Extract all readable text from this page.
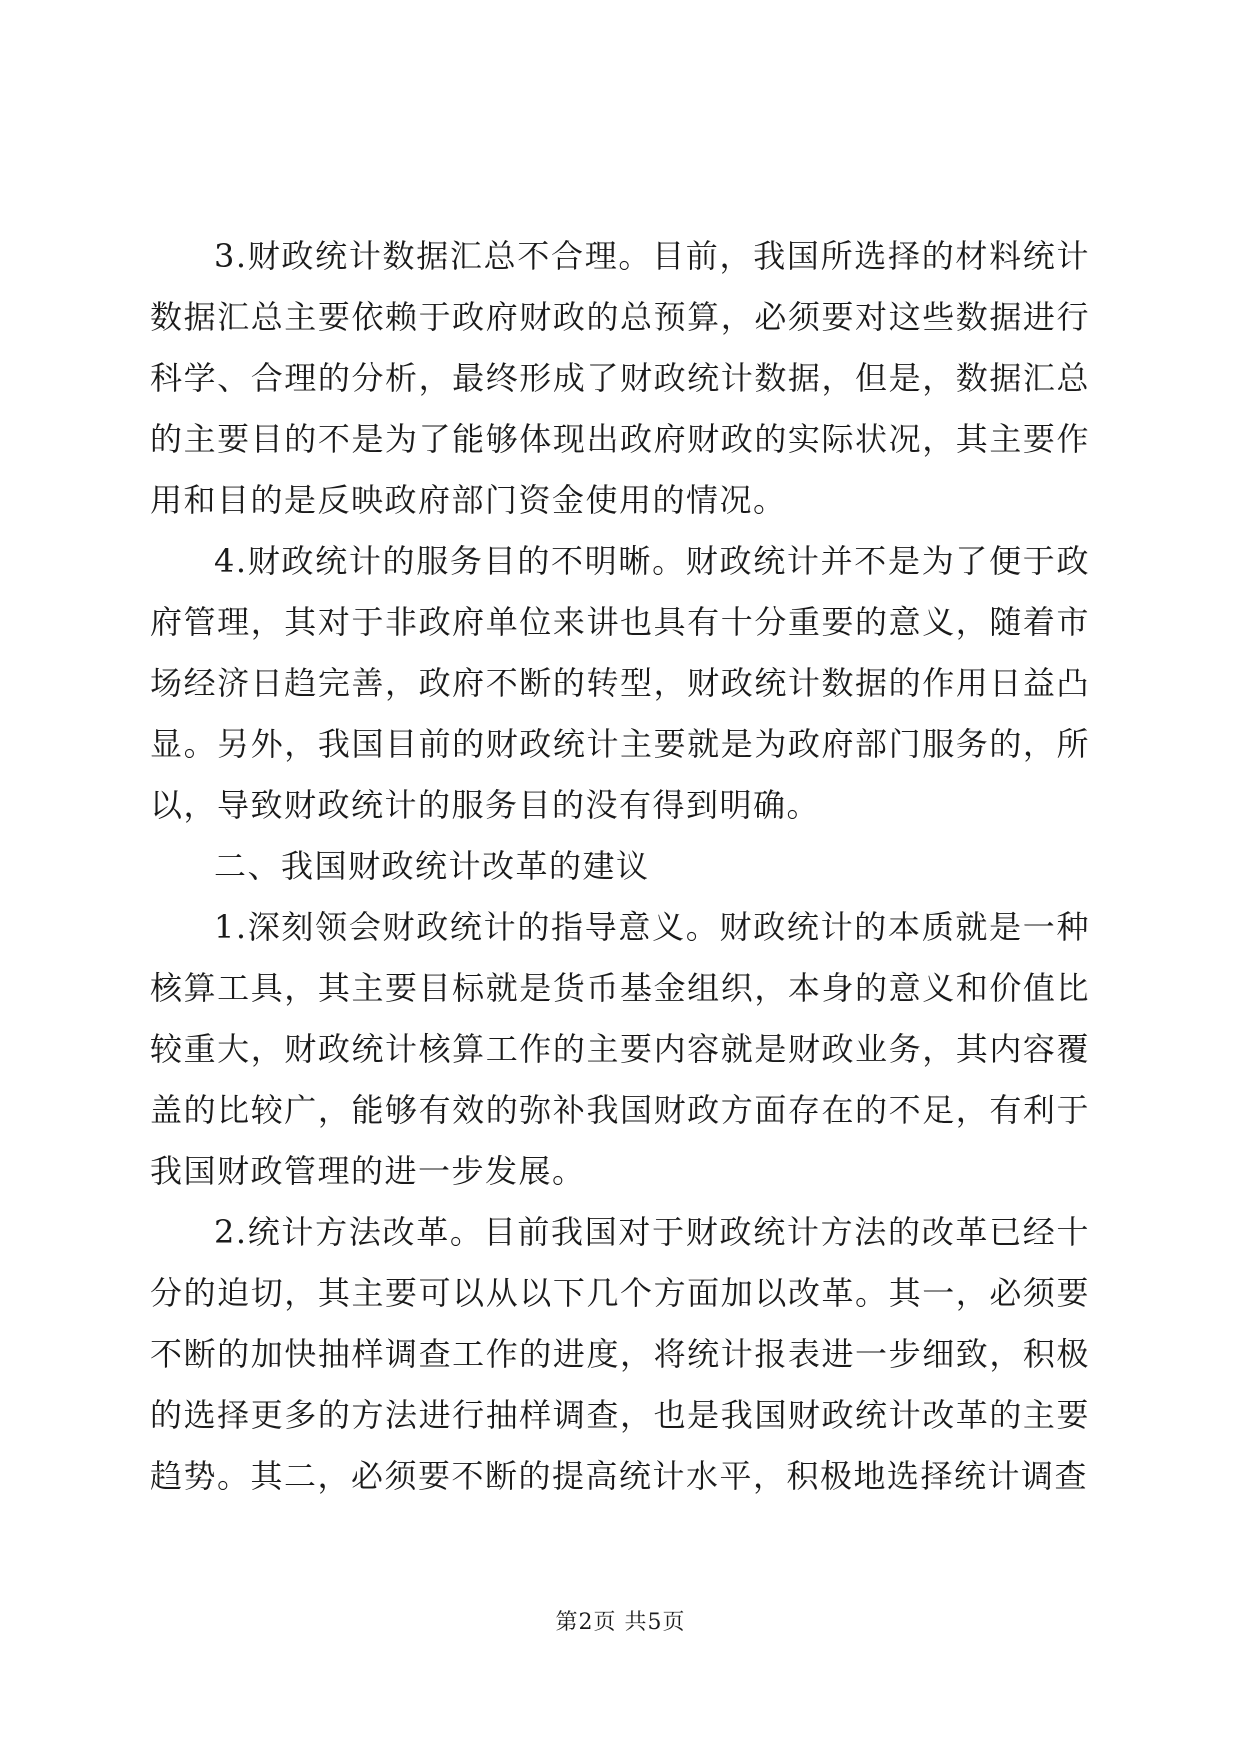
3.财政统计数据汇总不合理。目前，我国所选择的材料统计数据汇总主要依赖于政府财政的总预算，必须要对这些数据进行科学、合理的分析，最终形成了财政统计数据，但是，数据汇总的主要目的不是为了能够体现出政府财政的实际状况，其主要作用和目的是反映政府部门资金使用的情况。

4.财政统计的服务目的不明晰。财政统计并不是为了便于政府管理，其对于非政府单位来讲也具有十分重要的意义，随着市场经济日趋完善，政府不断的转型，财政统计数据的作用日益凸显。另外，我国目前的财政统计主要就是为政府部门服务的，所以，导致财政统计的服务目的没有得到明确。

二、我国财政统计改革的建议

1.深刻领会财政统计的指导意义。财政统计的本质就是一种核算工具，其主要目标就是货币基金组织，本身的意义和价值比较重大，财政统计核算工作的主要内容就是财政业务，其内容覆盖的比较广，能够有效的弥补我国财政方面存在的不足，有利于我国财政管理的进一步发展。

2.统计方法改革。目前我国对于财政统计方法的改革已经十分的迫切，其主要可以从以下几个方面加以改革。其一，必须要不断的加快抽样调查工作的进度，将统计报表进一步细致，积极的选择更多的方法进行抽样调查，也是我国财政统计改革的主要趋势。其二，必须要不断的提高统计水平，积极地选择统计调查

第2页 共5页
